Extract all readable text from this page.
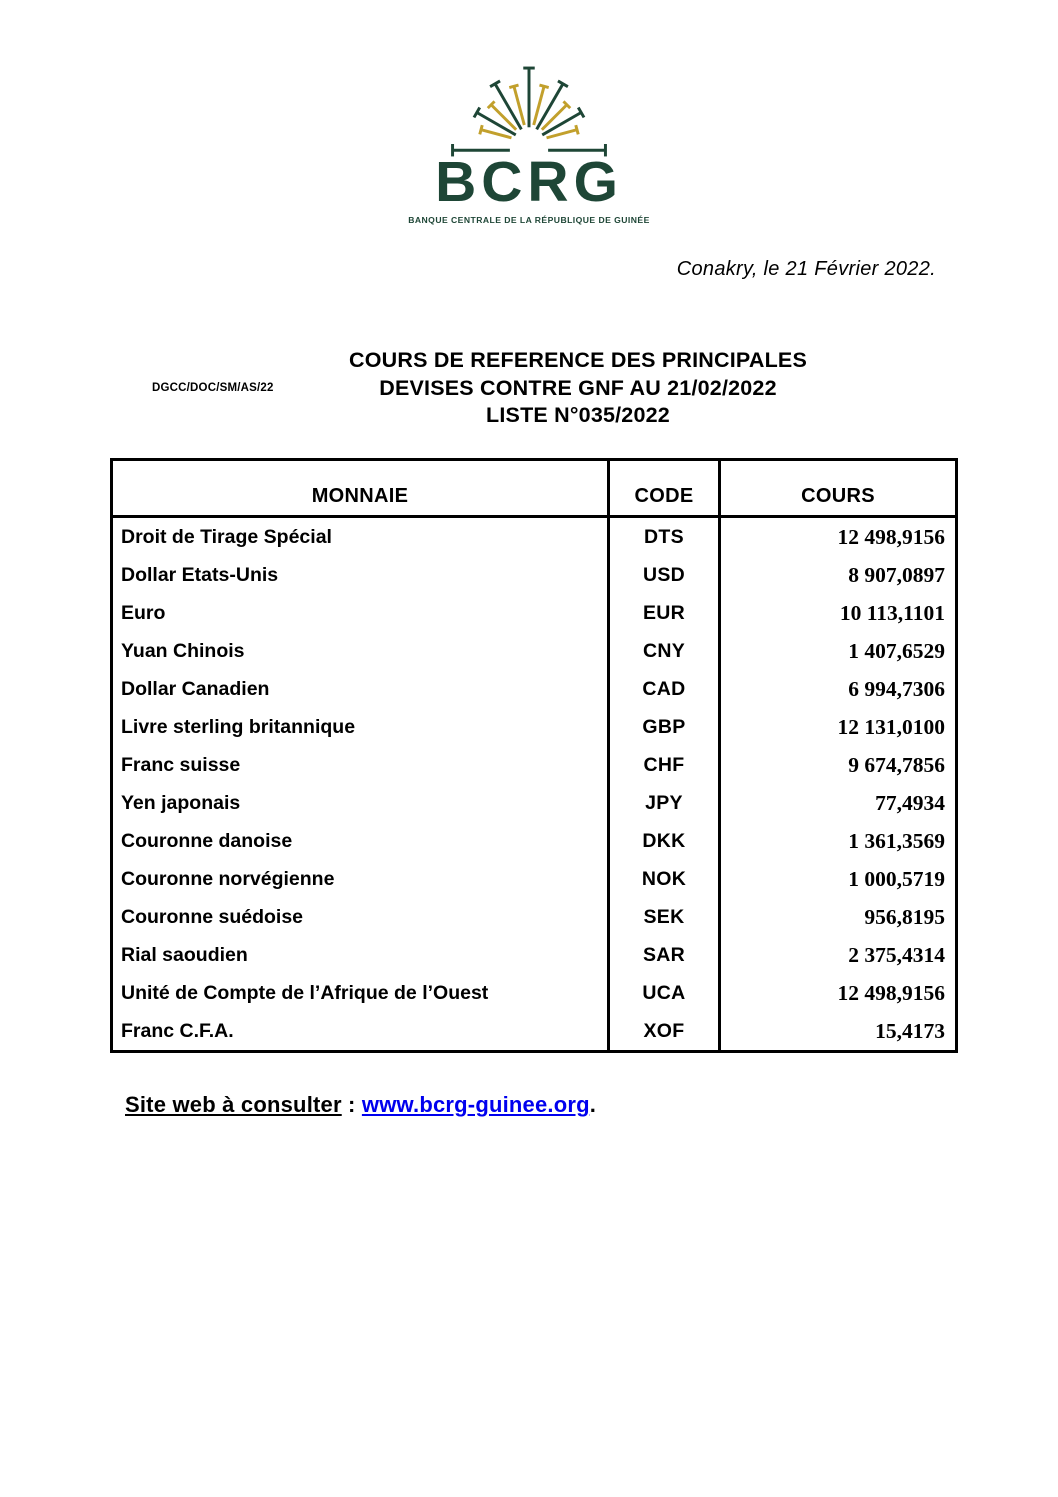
BCRG
BANQUE CENTRALE DE LA RÉPUBLIQUE DE GUINÉE
Conakry, le 21 Février 2022.
DGCC/DOC/SM/AS/22
COURS DE REFERENCE DES PRINCIPALES
DEVISES CONTRE GNF AU 21/02/2022
LISTE N°035/2022
MONNAIE	CODE	COURS
Droit de Tirage Spécial	DTS	12 498,9156
Dollar Etats-Unis	USD	8 907,0897
Euro	EUR	10 113,1101
Yuan Chinois	CNY	1 407,6529
Dollar Canadien	CAD	6 994,7306
Livre sterling britannique	GBP	12 131,0100
Franc suisse	CHF	9 674,7856
Yen japonais	JPY	77,4934
Couronne danoise	DKK	1 361,3569
Couronne norvégienne	NOK	1 000,5719
Couronne suédoise	SEK	956,8195
Rial saoudien	SAR	2 375,4314
Unité de Compte de l’Afrique de l’Ouest	UCA	12 498,9156
Franc C.F.A.	XOF	15,4173
Site web à consulter : www.bcrg-guinee.org.
